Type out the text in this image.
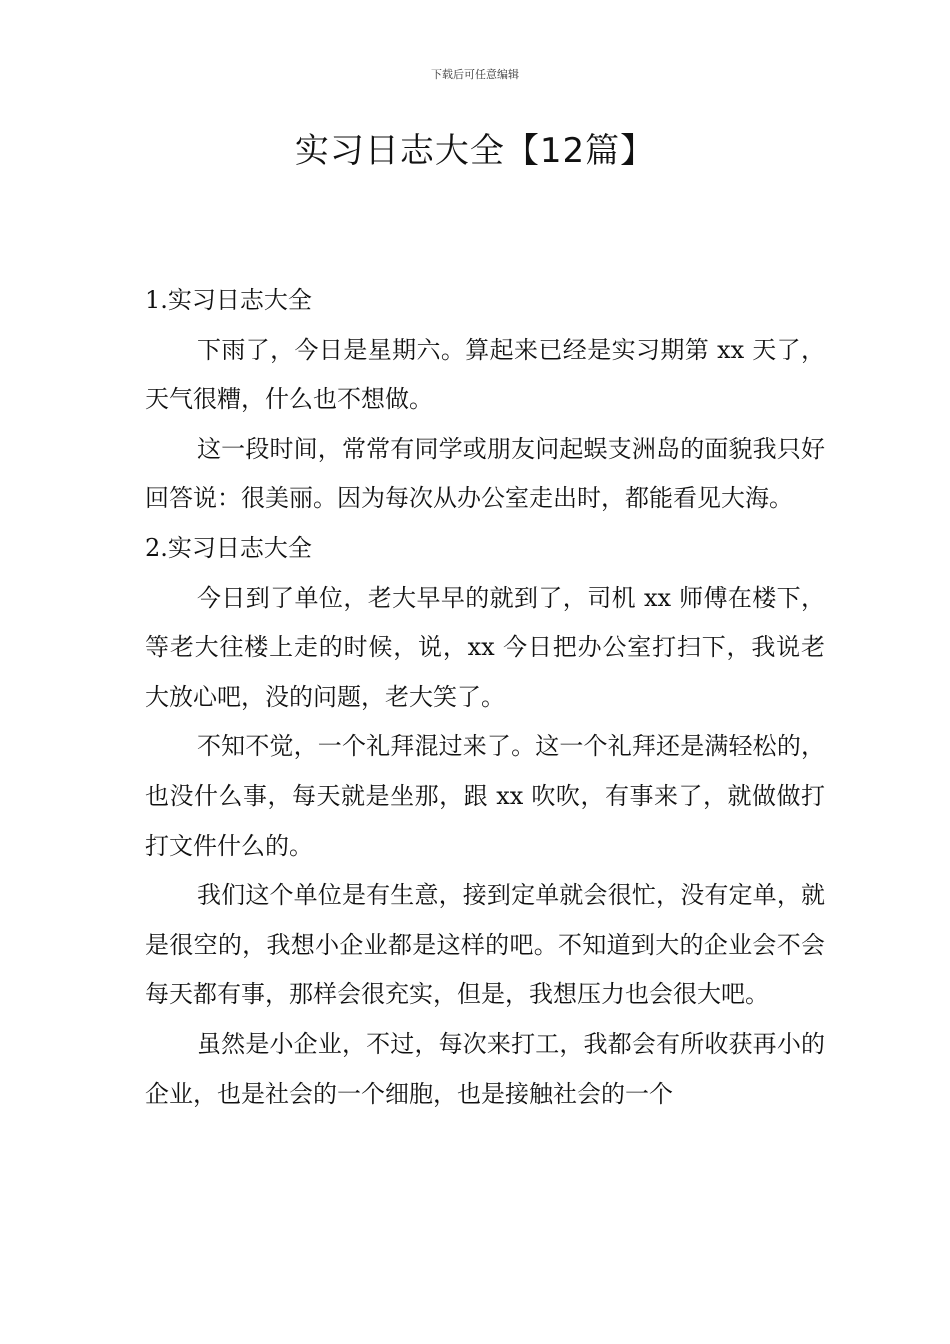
下载后可任意编辑
实习日志大全【12篇】

1.实习日志大全

下雨了，今日是星期六。算起来已经是实习期第 xx 天了，天气很糟，什么也不想做。

这一段时间，常常有同学或朋友问起蜈支洲岛的面貌我只好回答说：很美丽。因为每次从办公室走出时，都能看见大海。

2.实习日志大全

今日到了单位，老大早早的就到了，司机 xx 师傅在楼下，等老大往楼上走的时候，说，xx 今日把办公室打扫下，我说老大放心吧，没的问题，老大笑了。

不知不觉，一个礼拜混过来了。这一个礼拜还是满轻松的，也没什么事，每天就是坐那，跟 xx 吹吹，有事来了，就做做打打文件什么的。

我们这个单位是有生意，接到定单就会很忙，没有定单，就是很空的，我想小企业都是这样的吧。不知道到大的企业会不会每天都有事，那样会很充实，但是，我想压力也会很大吧。

虽然是小企业，不过，每次来打工，我都会有所收获再小的企业，也是社会的一个细胞，也是接触社会的一个
